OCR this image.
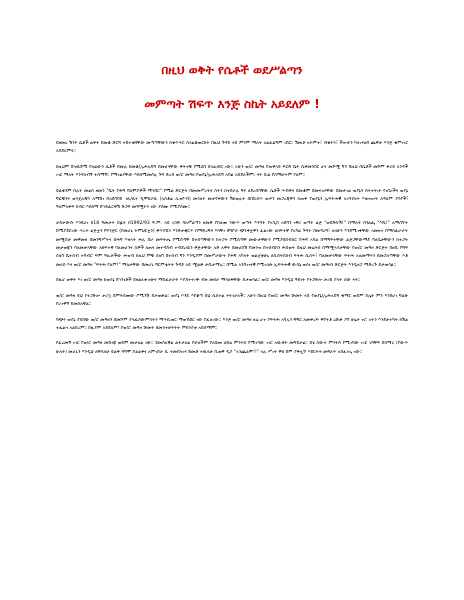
በዚህ ወቅት የሴቶች ወደሥልጣን
መምጣት ሽፍጥ እንጅ ስኬት አይደለም !

በዘመኑ ሽንኮ ሴቶች ልቀት በመቆ ድርሻ ተበተቱበቸው መጣጣቸውን ከቁጥጥር ስላልቆጠርክት በዚህ ጉዳይ ላይ ምንም ማለት አልፈልግም ነበር። ሽመቶ አትምተ፣ ብቁትን፣ ችሎታን ካላገናዘበ ጨዋታ እንጅ ቁምነገር አይደለምና።

ከዚህም በላዉደሚ የዛሬውን ሴቶች በመሉ ከመቆ/ኢሕአዴግ በመሆናቸው ቅትኖቹ የሚሰበ ስላልነበር ነው፡፡ አሁን ወ/ሮ መዓዛ የጠቅላይ ፍርድ ቤት ሲቀመንበር ሆና መሾሟ ግን በዚህ በሴቶች መሾም ቀሪይ አንዳች ነገር ማለት እንዳለብኝ ተሰማኝ፡፡ የማገልያቸው እስከሚመስሉ ጉዳ ድረስ ወ/ሮ መዓዛ የወያኔ/ኢሕአዴግ አባል አይደለችም፡፡ ናት ቢል የሰማሁትም የለም።

ይልቁንም በሉት መልስ ዘመን "ቤት የሕግ ባለሞያዎች ማኅበር" የሚል ድርጅት በመመሥረትና ሰትጎ ሰተበራሉ ግና ለደረሰባቸው ሴቶች ጥብቅና በመቆም በመናገራቸው በመታገል ወያኔን ስትተናገት የነበረችና ወያኔ ግፎቹንና ወንጀሉቹን ለማሸነ በአደባባይ ገጹ/ጹና ዲሞክራሲ (አስቶሬ ሊዝዮብ) መጎለት መታየቀውን ሽክወሉት በበቢሰጥ ወሠን መጋረጃዋን ሰጠቀ የወያኔን ኢፍትሐዊ አገባብነት እዛዛዝነት ለዓለም ያሳየች፣ ዓለምአቀፍ ክብር እስከማ ደኅይፈርቅሽ ድጋፍ መዓሟትን ነው ያሰሙ የሚያሰሙ፡፡

ታስታውሱ እንደሆነ ከ18 ዓመታት በፊት በ1992/93 ዓ.ም. ላይ አንድ ባለሥልጣን ዘመድ የበለጡ ንውጥ ወጣት እንዳት የአዲስ አበባን ነዋሪ ወጣት ልጅ "ወደድኩሽ!" በማለት በጎልፌ "እሺ!" ለማሰኘት በሚያደርገው ጥረት ልጅቷን የፍንጅር (የመሆኑ ትምህርቷን) ቅጥያዬን እንድታቋርጥ በማድረግና እሳቸነ በግቦራ ጭንቀቷዋን ፈልገው ለከፍተኛ የአካል ጉዳት በመዳረግ፣ ለዛቻን እንደሚገፋቸው አመዛኖ በማስፈራራት መሟበታ መዋመዛ በመንግሥትና በሕግ እዛላት ሕሉ በራ መፍትሔ የሚሰጣቸ በተሰጣቸውን ከተጋት የሚሰጣቸ መውታዋውን የሚያከበብሰር የሕግ አካል በማግፍተቸው ልጅጋቸውማደ ባለቤታቸውን ከተጋት መታወጃን ባለመቻላቸው ለከፍተኛ ባለመሆንና ሰዎች ለጠና መተዳስብ ተብደረዉን ቅጅታቸው አድ ለዋት በመሆሰሽ የመንዝ በተሰብስን ሕይወት በዚህ መሬትሰ በማሟላሳታቸው የወ/ሮ መዓዛ ድርጅት በዘቢ የግፍ ሰለባ ቤተሰብ ተባብሮ ፍም ዓሊቻችው ሕዝብ ከዚህ ምቹ ሰለባ በተሰብ ግን እንዲያም በመሥራውት የሕግ አካላት ወልጀቲሁኒ ለቢስትበሰብ ፍትሕ ሲሰጥ፣ ባለመቻላቸው ፍትሕ አለመማሩን በመጋለጣቸው እቶ መለስ እና ወ/ሮ መዓዛ "ፍትሕ የለም!" ማለታቸው በመሆኑ ግርምቴትት ጉዳይ ላይ ሟልቃ ታቢታማሉ፡፡ በሚል አንባገነናዊ የሚገለጽ ኢፍትሐዊ ውሳኔ ወሰነ ወ/ሮ መዓዛን ድርጅት እንዲዘጋ ማድረጉ ይታወሳል፡፡

በዚሆ ወቅት እነ ወ/ሮ መዓዛ ከወያኔ ደኅንነቶች በዛልለቱ ዛቻና ማስፈራራት እያስተናገዱ ብዙ መከራ ማሳለፋቸው ይታወሳል፡፡ ወ/ሮ መዓዛ እንዲህ ዓይነት የተጋድሎ ታሪክ ያላት ሰው ናት፡፡

ወ/ሮ መዓዛ ይህ የተጋድሎ ታሪኳ በምትሰጡው ቦሚንሽ ይታወቃል፡፡ ወያኔ እንዴ እየቆጣ ይህ ሲከተል ትናገራለች፡፡ አሁን በዚህ የወ/ሮ መዓዛ ሹመት ላይ የወያኔ/ኢሕአዴግ ቁማር ወይም ስሌት ምን እንደሆነ ግልጽ የሆነዋኝ ይመስለኛል፡፡

ባጭሩ ወያኔ ያሰበው ወ/ሮ መዓዛን በመሾም ያላፈሰውምሳትን ማጥቢጠር ማወኸበር ነው የፈለገው፡፡ እንጅ ወ/ሮ መዓዛ ዛሬ ሆኖ የፍትሕ አካሉን ቸግር ለመቅረፍ ዋየትቶ ዕቡቃ ያባ ሁኔታ ኖሮ አትን እንደታተካት ክሽል ተፈልጓ አልበረም፡፡ በዚያም አይደለም! የወ/ሮ መዓዛ ሹመት ከመንተቻሩትት ምክንያቱ አይሰማም።

የፈረመኝ ነገር የወ/ሮ መዓዛ መሸነጃ ወይም መታለል ነው፡፡ ይመስለኛል ልትታለል የቻለችም የለበጡ ኃይል ምንትስ የሚገባው ነገር አውቶት መግኜታል፡፡ ይሄ ሰውተ ምንትስ የሚገባው ነገር ገባቸፍ ይሰማሪ (የውጥ ሁለት) መሆኑን እንዲህ ለቸሳለሁ ይልቅ ዳግሞ ያልልቀና ለምገበራ ሲ ተመበላገና ሸመቶ ተዉላሁ ቢወዋ ዲያ "አንጨልሞ!!" ላሉ ሥነት ዋክ በም ያቅሏኙ እደርትት መግለጥ አስፈላጊ ነው፡፡
